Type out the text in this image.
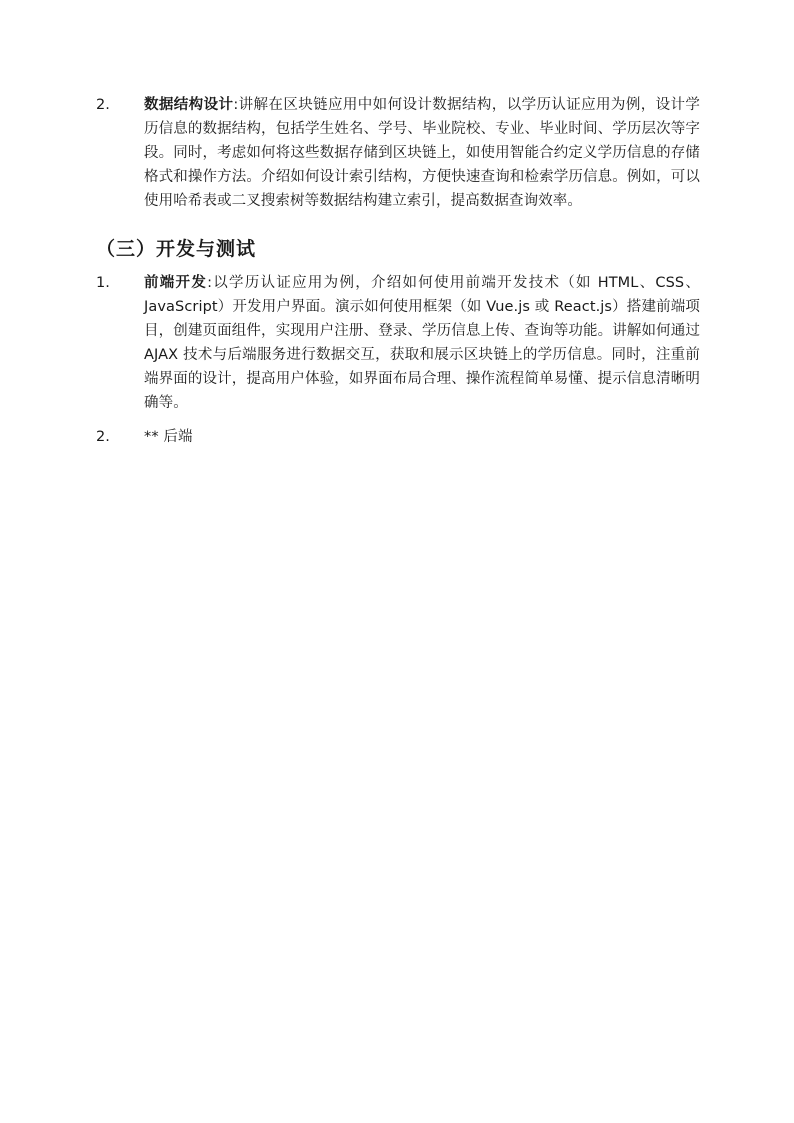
2.	数据结构设计:讲解在区块链应用中如何设计数据结构，以学历认证应用为例，设计学历信息的数据结构，包括学生姓名、学号、毕业院校、专业、毕业时间、学历层次等字段。同时，考虑如何将这些数据存储到区块链上，如使用智能合约定义学历信息的存储格式和操作方法。介绍如何设计索引结构，方便快速查询和检索学历信息。例如，可以使用哈希表或二叉搜索树等数据结构建立索引，提高数据查询效率。
（三）开发与测试
1.	前端开发:以学历认证应用为例，介绍如何使用前端开发技术（如 HTML、CSS、JavaScript）开发用户界面。演示如何使用框架（如 Vue.js 或 React.js）搭建前端项目，创建页面组件，实现用户注册、登录、学历信息上传、查询等功能。讲解如何通过 AJAX 技术与后端服务进行数据交互，获取和展示区块链上的学历信息。同时，注重前端界面的设计，提高用户体验，如界面布局合理、操作流程简单易懂、提示信息清晰明确等。
2.	** 后端
